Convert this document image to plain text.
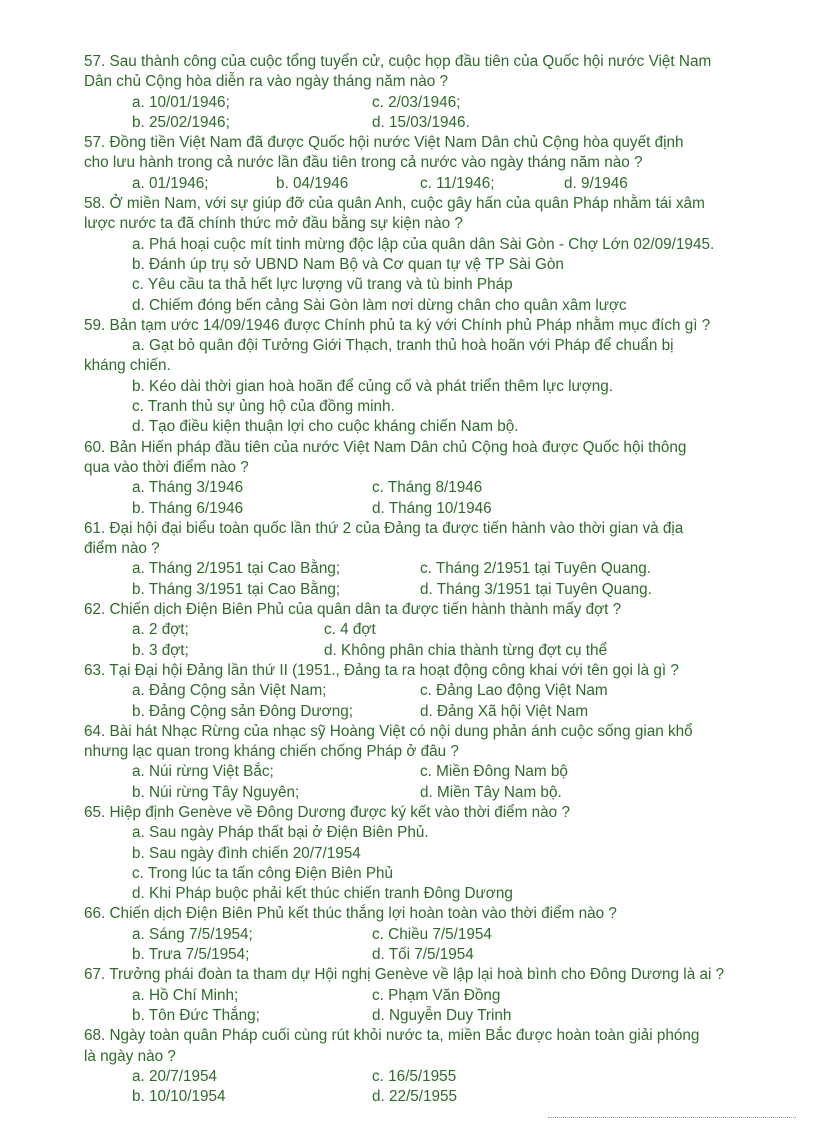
57. Sau thành công của cuộc tổng tuyển cử, cuộc họp đầu tiên của Quốc hội nước Việt Nam
Dân chủ Cộng hòa diễn ra vào ngày tháng năm nào ?
a. 10/01/1946;	c. 2/03/1946;
b. 25/02/1946;	d. 15/03/1946.
57. Đồng tiền Việt Nam đã được Quốc hội nước Việt Nam Dân chủ Cộng hòa quyết định
cho lưu hành trong cả nước lần đầu tiên trong cả nước vào ngày tháng năm nào ?
a. 01/1946;	b. 04/1946	c. 11/1946;	d. 9/1946
58. Ở miền Nam, với sự giúp đỡ của quân Anh, cuộc gây hấn của quân Pháp nhằm tái xâm
lược nước ta đã chính thức mở đầu bằng sự kiện nào ?
a. Phá hoại cuộc mít tinh mừng độc lập của quân dân Sài Gòn - Chợ Lớn 02/09/1945.
b. Đánh úp trụ sở UBND Nam Bộ và Cơ quan tự vệ TP Sài Gòn
c. Yêu cầu ta thả hết lực lượng vũ trang và tù binh Pháp
d. Chiếm đóng bến cảng Sài Gòn làm nơi dừng chân cho quân xâm lược
59. Bản tạm ước 14/09/1946 được Chính phủ ta ký với Chính phủ Pháp nhằm mục đích gì ?
a. Gạt bỏ quân đội Tưởng Giới Thạch, tranh thủ hoà hoãn với Pháp để chuẩn bị
kháng chiến.
b. Kéo dài thời gian hoà hoãn để củng cố và phát triển thêm lực lượng.
c. Tranh thủ sự ủng hộ của đồng minh.
d. Tạo điều kiện thuận lợi cho cuộc kháng chiến Nam bộ.
60. Bản Hiến pháp đầu tiên của nước Việt Nam Dân chủ Cộng hoà được Quốc hội thông
qua vào thời điểm nào ?
a. Tháng 3/1946	c. Tháng 8/1946
b. Tháng 6/1946	d. Tháng 10/1946
61. Đại hội đại biểu toàn quốc lần thứ 2 của Đảng ta được tiến hành vào thời gian và địa
điểm nào ?
a. Tháng 2/1951 tại Cao Bằng;	c. Tháng 2/1951 tại Tuyên Quang.
b. Tháng 3/1951 tại Cao Bằng;	d. Tháng 3/1951 tại Tuyên Quang.
62. Chiến dịch Điện Biên Phủ của quân dân ta được tiến hành thành mấy đợt ?
a. 2 đợt;	c. 4 đợt
b. 3 đợt;	d. Không phân chia thành từng đợt cụ thể
63. Tại Đại hội Đảng lần thứ II (1951., Đảng ta ra hoạt động công khai với tên gọi là gì ?
a. Đảng Cộng sản Việt Nam;	c. Đảng Lao động Việt Nam
b. Đảng Cộng sản Đông Dương;	d. Đảng Xã hội Việt Nam
64. Bài hát Nhạc Rừng của nhạc sỹ Hoàng Việt có nội dung phản ánh cuộc sống gian khổ
nhưng lạc quan trong kháng chiến chống Pháp ở đâu ?
a. Núi rừng Việt Bắc;	c. Miền Đông Nam bộ
b. Núi rừng Tây Nguyên;	d. Miền Tây Nam bộ.
65. Hiệp định Genève về Đông Dương được ký kết vào thời điểm nào ?
a. Sau ngày Pháp thất bại ở Điện Biên Phủ.
b. Sau ngày đình chiến 20/7/1954
c. Trong lúc ta tấn công Điện Biên Phủ
d. Khi Pháp buộc phải kết thúc chiến tranh Đông Dương
66. Chiến dịch Điện Biên Phủ kết thúc thắng lợi hoàn toàn vào thời điểm nào ?
a. Sáng 7/5/1954;	c. Chiều 7/5/1954
b. Trưa 7/5/1954;	d. Tối 7/5/1954
67. Trưởng phái đoàn ta tham dự Hội nghị Genève về lập lại hoà bình cho Đông Dương là ai ?
a. Hồ Chí Minh;	c. Phạm Văn Đồng
b. Tôn Đức Thắng;	d. Nguyễn Duy Trinh
68. Ngày toàn quân Pháp cuối cùng rút khỏi nước ta, miền Bắc được hoàn toàn giải phóng
là ngày nào ?
a. 20/7/1954	c. 16/5/1955
b. 10/10/1954	d. 22/5/1955
